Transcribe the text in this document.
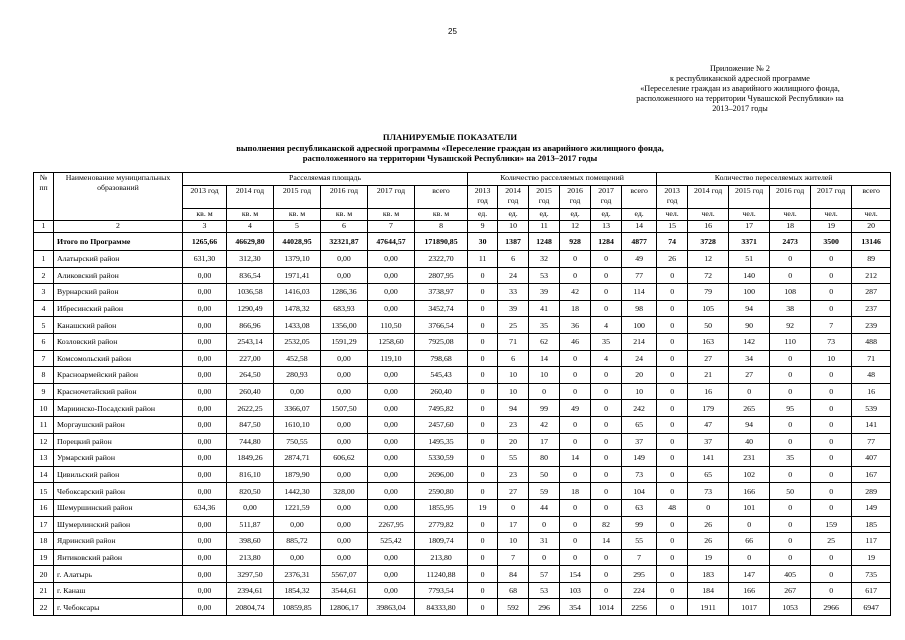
25
Приложение № 2
к республиканской адресной программе
«Переселение граждан из аварийного жилищного фонда,
расположенного на территории Чувашской Республики» на
2013–2017 годы
ПЛАНИРУЕМЫЕ ПОКАЗАТЕЛИ
выполнения республиканской адресной программы «Переселение граждан из аварийного жилищного фонда,
расположенного на территории Чувашской Республики» на 2013–2017 годы
№ пп	Наименование муниципальных образований	Расселяемая площадь						Количество расселяемых помещений						Количество переселяемых жителей					
		2013 год	2014 год	2015 год	2016 год	2017 год	всего	2013 год	2014 год	2015 год	2016 год	2017 год	всего	2013 год	2014 год	2015 год	2016 год	2017 год	всего
		кв. м	кв. м	кв. м	кв. м	кв. м	кв. м	ед.	ед.	ед.	ед.	ед.	ед.	чел.	чел.	чел.	чел.	чел.	чел.
1	2	3	4	5	6	7	8	9	10	11	12	13	14	15	16	17	18	19	20
	Итого по Программе	1265,66	46629,80	44028,95	32321,87	47644,57	171890,85	30	1387	1248	928	1284	4877	74	3728	3371	2473	3500	13146
1	Алатырский район	631,30	312,30	1379,10	0,00	0,00	2322,70	11	6	32	0	0	49	26	12	51	0	0	89
2	Аликовский район	0,00	836,54	1971,41	0,00	0,00	2807,95	0	24	53	0	0	77	0	72	140	0	0	212
3	Вурнарский район	0,00	1036,58	1416,03	1286,36	0,00	3738,97	0	33	39	42	0	114	0	79	100	108	0	287
4	Ибресинский район	0,00	1290,49	1478,32	683,93	0,00	3452,74	0	39	41	18	0	98	0	105	94	38	0	237
5	Канашский район	0,00	866,96	1433,08	1356,00	110,50	3766,54	0	25	35	36	4	100	0	50	90	92	7	239
6	Козловский район	0,00	2543,14	2532,05	1591,29	1258,60	7925,08	0	71	62	46	35	214	0	163	142	110	73	488
7	Комсомольский район	0,00	227,00	452,58	0,00	119,10	798,68	0	6	14	0	4	24	0	27	34	0	10	71
8	Красноармейский район	0,00	264,50	280,93	0,00	0,00	545,43	0	10	10	0	0	20	0	21	27	0	0	48
9	Красночетайский район	0,00	260,40	0,00	0,00	0,00	260,40	0	10	0	0	0	10	0	16	0	0	0	16
10	Мариинско-Посадский район	0,00	2622,25	3366,07	1507,50	0,00	7495,82	0	94	99	49	0	242	0	179	265	95	0	539
11	Моргаушский район	0,00	847,50	1610,10	0,00	0,00	2457,60	0	23	42	0	0	65	0	47	94	0	0	141
12	Порецкий район	0,00	744,80	750,55	0,00	0,00	1495,35	0	20	17	0	0	37	0	37	40	0	0	77
13	Урмарский район	0,00	1849,26	2874,71	606,62	0,00	5330,59	0	55	80	14	0	149	0	141	231	35	0	407
14	Цивильский район	0,00	816,10	1879,90	0,00	0,00	2696,00	0	23	50	0	0	73	0	65	102	0	0	167
15	Чебоксарский район	0,00	820,50	1442,30	328,00	0,00	2590,80	0	27	59	18	0	104	0	73	166	50	0	289
16	Шемуршинский район	634,36	0,00	1221,59	0,00	0,00	1855,95	19	0	44	0	0	63	48	0	101	0	0	149
17	Шумерлинский район	0,00	511,87	0,00	0,00	2267,95	2779,82	0	17	0	0	82	99	0	26	0	0	159	185
18	Ядринский район	0,00	398,60	885,72	0,00	525,42	1809,74	0	10	31	0	14	55	0	26	66	0	25	117
19	Янтиковский район	0,00	213,80	0,00	0,00	0,00	213,80	0	7	0	0	0	7	0	19	0	0	0	19
20	г. Алатырь	0,00	3297,50	2376,31	5567,07	0,00	11240,88	0	84	57	154	0	295	0	183	147	405	0	735
21	г. Канаш	0,00	2394,61	1854,32	3544,61	0,00	7793,54	0	68	53	103	0	224	0	184	166	267	0	617
22	г. Чебоксары	0,00	20804,74	10859,85	12806,17	39863,04	84333,80	0	592	296	354	1014	2256	0	1911	1017	1053	2966	6947
